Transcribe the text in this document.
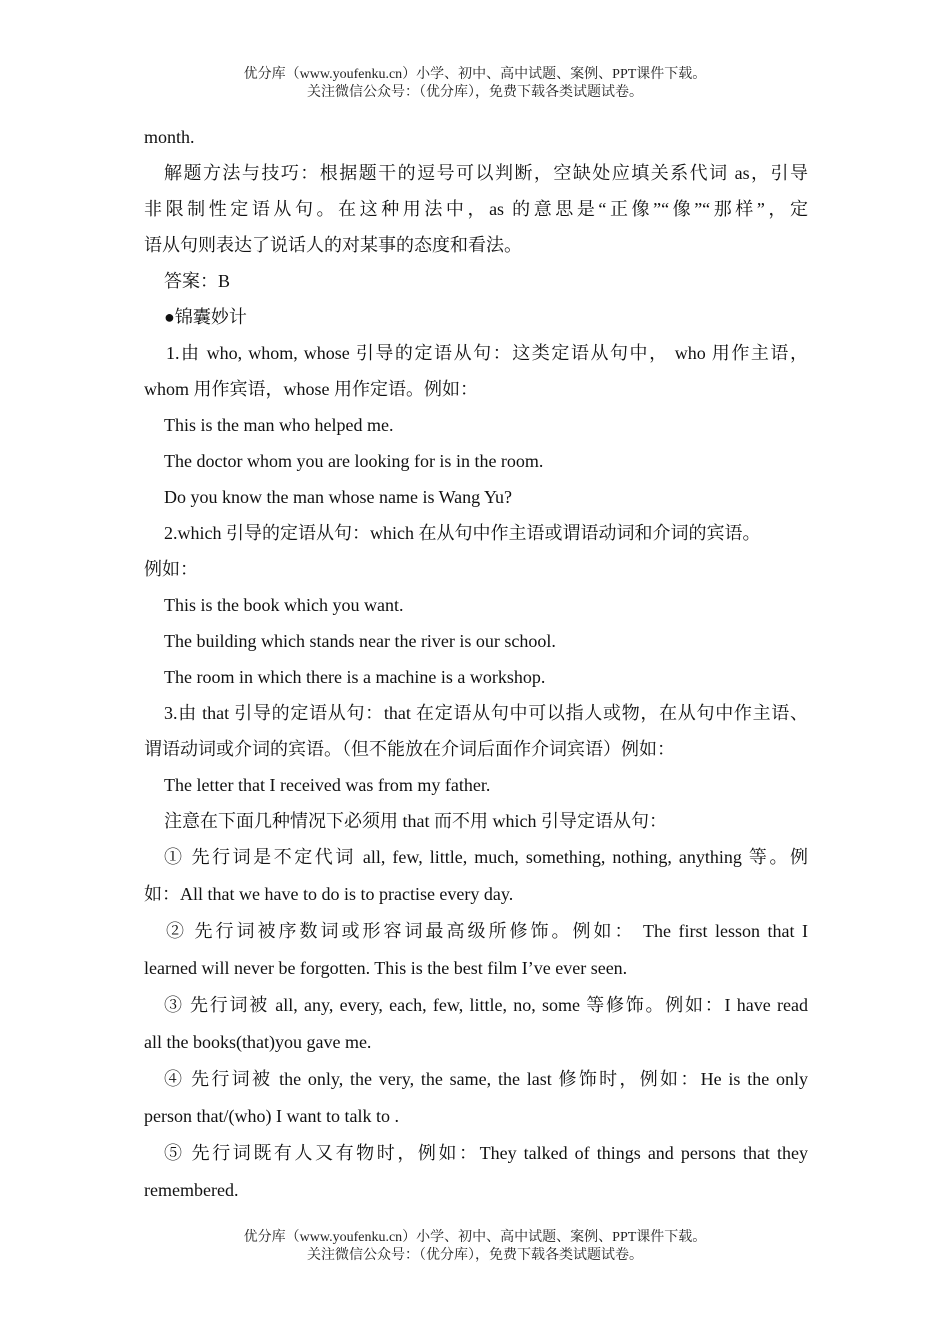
优分库（www.youfenku.cn）小学、初中、高中试题、案例、PPT课件下载。
关注微信公众号：（优分库），免费下载各类试题试卷。
month.
解题方法与技巧：根据题干的逗号可以判断，空缺处应填关系代词 as，引导
非限制性定语从句。在这种用法中，as 的意思是“正像”“像”“那样”，定
语从句则表达了说话人的对某事的态度和看法。
答案：B
●锦囊妙计
1.由 who, whom, whose 引导的定语从句：这类定语从句中， who 用作主语，
whom 用作宾语，whose 用作定语。例如：
This is the man who helped me.
The doctor whom you are looking for is in the room.
Do you know the man whose name is Wang Yu?
2.which 引导的定语从句：which 在从句中作主语或谓语动词和介词的宾语。
例如：
This is the book which you want.
The building which stands near the river is our school.
The room in which there is a machine is a workshop.
3.由 that 引导的定语从句：that 在定语从句中可以指人或物，在从句中作主语、
谓语动词或介词的宾语。（但不能放在介词后面作介词宾语）例如：
The letter that I received was from my father.
注意在下面几种情况下必须用 that 而不用 which 引导定语从句：
① 先行词是不定代词 all, few, little, much, something, nothing, anything 等。例
如：All that we have to do is to practise every day.
② 先行词被序数词或形容词最高级所修饰。例如： The first lesson that I
learned will never be forgotten. This is the best film I’ve ever seen.
③ 先行词被 all, any, every, each, few, little, no, some 等修饰。例如：I have read
all the books(that)you gave me.
④ 先行词被 the only, the very, the same, the last 修饰时，例如：He is the only
person that/(who) I want to talk to .
⑤ 先行词既有人又有物时，例如：They talked of things and persons that they
remembered.
优分库（www.youfenku.cn）小学、初中、高中试题、案例、PPT课件下载。
关注微信公众号：（优分库），免费下载各类试题试卷。
